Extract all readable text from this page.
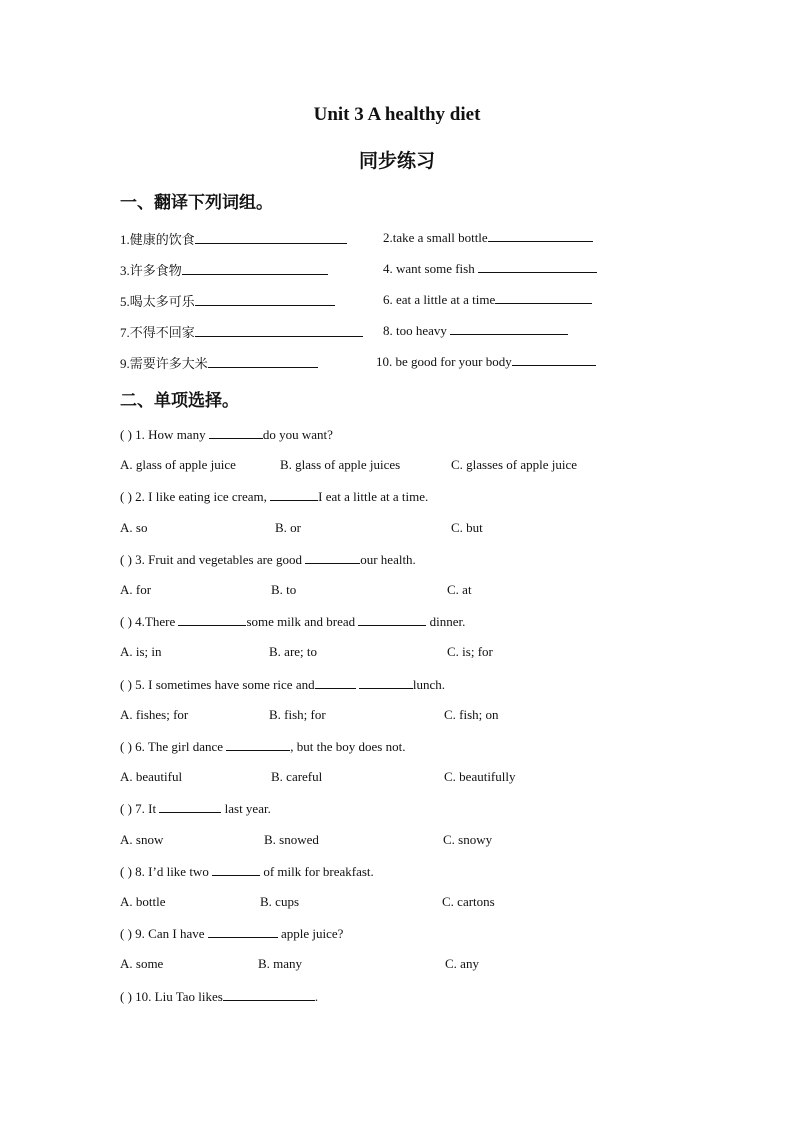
Unit 3 A healthy diet
同步练习
一、翻译下列词组。
1.健康的饮食	2.take a small bottle
3.许多食物	4. want some fish
5.喝太多可乐	6. eat a little at a time
7.不得不回家	8. too heavy
9.需要许多大米	10. be good for your body
二、单项选择。
( ) 1. How many	do you want?
A. glass of apple juice	B. glass of apple juices	C. glasses of apple juice
( ) 2. I like eating ice cream,	I eat a little at a time.
A. so	B. or	C. but
( ) 3. Fruit and vegetables are good	our health.
A. for	B. to	C. at
( ) 4.There	some milk and bread	dinner.
A. is; in	B. are; to	C. is; for
( ) 5. I sometimes have some rice and	lunch.
A. fishes; for	B. fish; for	C. fish; on
( ) 6. The girl dance	, but the boy does not.
A. beautiful	B. careful	C. beautifully
( ) 7. It	last year.
A. snow	B. snowed	C. snowy
( ) 8. I’d like two	of milk for breakfast.
A. bottle	B. cups	C. cartons
( ) 9. Can I have	apple juice?
A. some	B. many	C. any
( ) 10. Liu Tao likes	.
